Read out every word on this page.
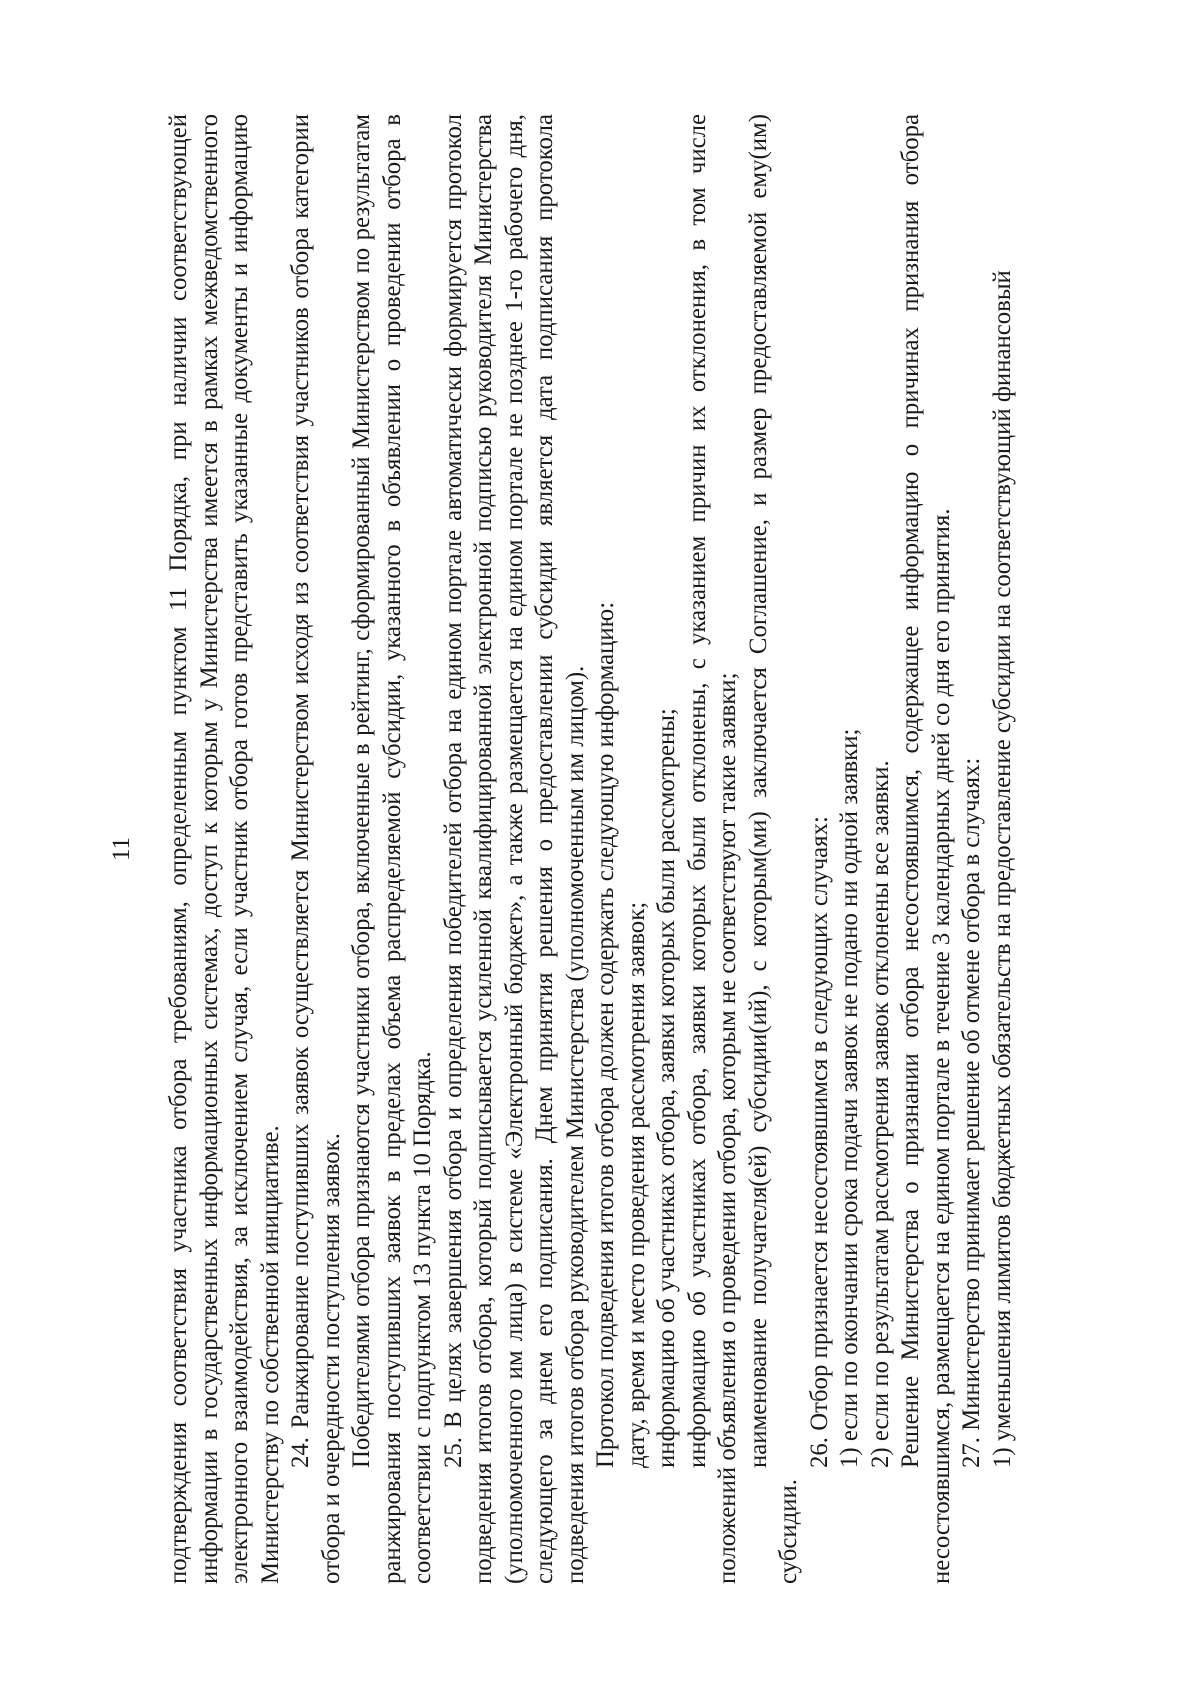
11 подтверждения соответствия участника отбора требованиям, определенным пунктом 11 Порядка, при наличии соответствующей информации в государственных информационных системах, доступ к которым у Министерства имеется в рамках межведомственного электронного взаимодействия, за исключением случая, если участник отбора готов представить указанные документы и информацию Министерству по собственной инициативе. 24. Ранжирование поступивших заявок осуществляется Министерством исходя из соответствия участников отбора категории отбора и очередности поступления заявок. Победителями отбора признаются участники отбора, включенные в рейтинг, сформированный Министерством по результатам ранжирования поступивших заявок в пределах объема распределяемой субсидии, указанного в объявлении о проведении отбора в соответствии с подпунктом 13 пункта 10 Порядка. 25. В целях завершения отбора и определения победителей отбора на едином портале автоматически формируется протокол подведения итогов отбора, который подписывается усиленной квалифицированной электронной подписью руководителя Министерства (уполномоченного им лица) в системе «Электронный бюджет», а также размещается на едином портале не позднее 1-го рабочего дня, следующего за днем его подписания. Днем принятия решения о предоставлении субсидии является дата подписания протокола подведения итогов отбора руководителем Министерства (уполномоченным им лицом). Протокол подведения итогов отбора должен содержать следующую информацию: дату, время и место проведения рассмотрения заявок; информацию об участниках отбора, заявки которых были рассмотрены; информацию об участниках отбора, заявки которых были отклонены, с указанием причин их отклонения, в том числе положений объявления о проведении отбора, которым не соответствуют такие заявки; наименование получателя(ей) субсидии(ий), с которым(ми) заключается Соглашение, и размер предоставляемой ему(им) субсидии.

26. Отбор признается несостоявшимся в следующих случаях: 1) если по окончании срока подачи заявок не подано ни одной заявки; 2) если по результатам рассмотрения заявок отклонены все заявки. Решение Министерства о признании отбора несостоявшимся, содержащее информацию о причинах признания отбора несостоявшимся, размещается на едином портале в течение 3 календарных дней со дня его принятия. 27. Министерство принимает решение об отмене отбора в случаях: 1) уменьшения лимитов бюджетных обязательств на предоставление субсидии на соответствующий финансовый
